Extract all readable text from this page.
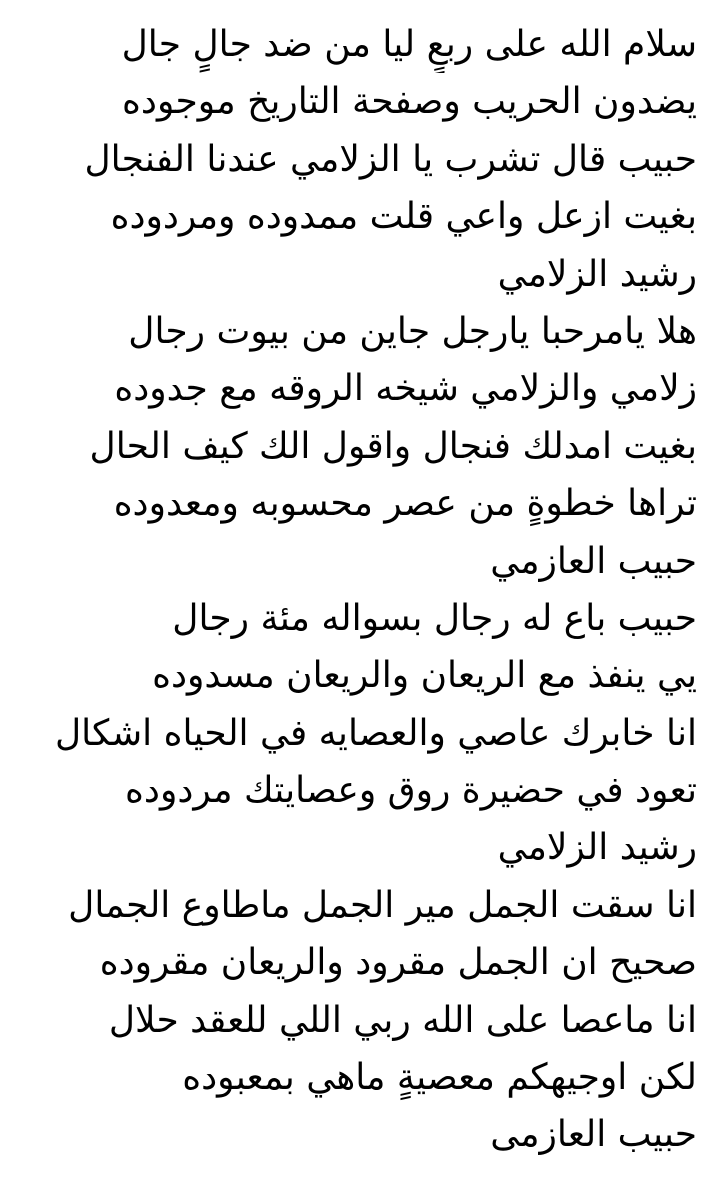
سلام الله على ربعٍ ليا من ضد جالٍ جال
يضدون الحريب وصفحة التاريخ موجوده
حبيب قال تشرب يا الزلامي عندنا الفنجال
بغيت ازعل واعي قلت ممدوده ومردوده
رشيد الزلامي
هلا يامرحبا يارجل جاين من بيوت رجال
زلامي والزلامي شيخه الروقه مع جدوده
بغيت امدلك فنجال واقول الك كيف الحال
تراها خطوةٍ من عصر محسوبه ومعدوده
حبيب العازمي
حبيب باع له رجال بسواله مئة رجال
يي ينفذ مع الريعان والريعان مسدوده
انا خابرك عاصي والعصايه في الحياه اشكال
تعود في حضيرة روق وعصايتك مردوده
رشيد الزلامي
انا سقت الجمل مير الجمل ماطاوع الجمال
صحيح ان الجمل مقرود والريعان مقروده
انا ماعصا على الله ربي اللي للعقد حلال
لكن اوجيهكم معصيةٍ ماهي بمعبوده
حبيب العازمى
